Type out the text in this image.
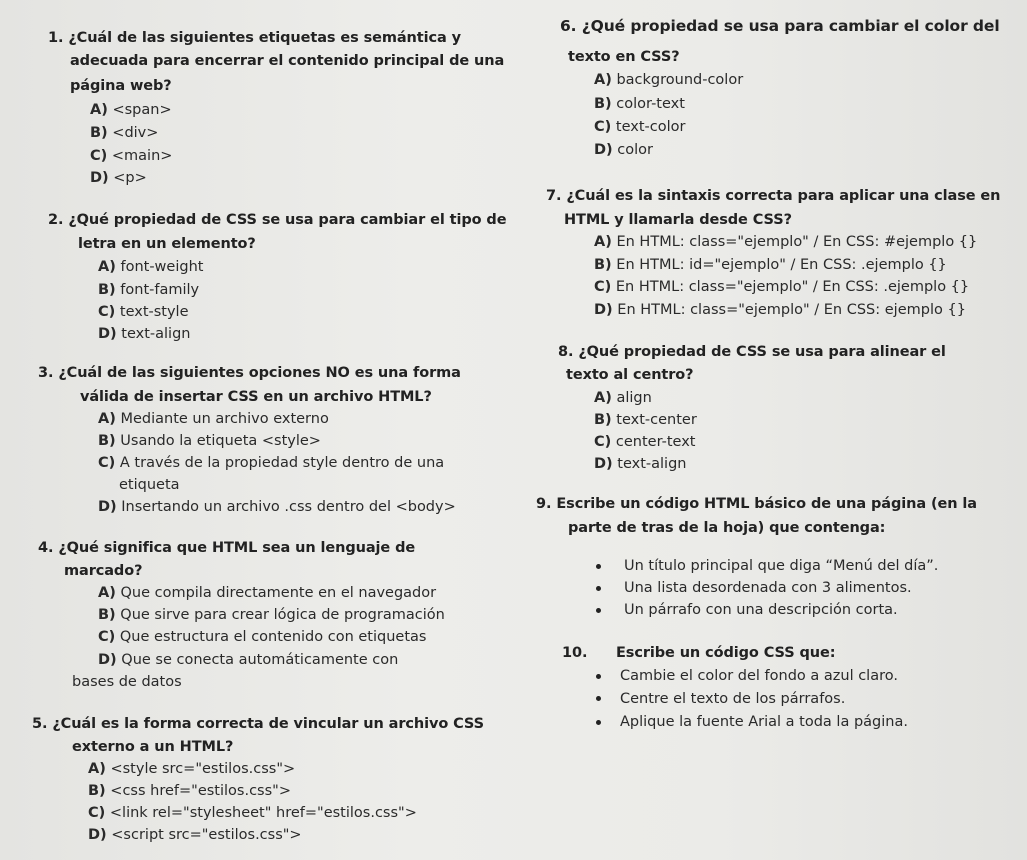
1. ¿Cuál de las siguientes etiquetas es semántica y
adecuada para encerrar el contenido principal de una
página web?
A) <span>
B) <div>
C) <main>
D) <p>
2. ¿Qué propiedad de CSS se usa para cambiar el tipo de
letra en un elemento?
A) font-weight
B) font-family
C) text-style
D) text-align
3. ¿Cuál de las siguientes opciones NO es una forma
válida de insertar CSS en un archivo HTML?
A) Mediante un archivo externo
B) Usando la etiqueta <style>
C) A través de la propiedad style dentro de una
etiqueta
D) Insertando un archivo .css dentro del <body>
4. ¿Qué significa que HTML sea un lenguaje de
marcado?
A) Que compila directamente en el navegador
B) Que sirve para crear lógica de programación
C) Que estructura el contenido con etiquetas
D) Que se conecta automáticamente con
bases de datos
5. ¿Cuál es la forma correcta de vincular un archivo CSS
externo a un HTML?
A) <style src="estilos.css">
B) <css href="estilos.css">
C) <link rel="stylesheet" href="estilos.css">
D) <script src="estilos.css">
6. ¿Qué propiedad se usa para cambiar el color del
texto en CSS?
A) background-color
B) color-text
C) text-color
D) color
7. ¿Cuál es la sintaxis correcta para aplicar una clase en
HTML y llamarla desde CSS?
A) En HTML: class="ejemplo" / En CSS: #ejemplo {}
B) En HTML: id="ejemplo" / En CSS: .ejemplo {}
C) En HTML: class="ejemplo" / En CSS: .ejemplo {}
D) En HTML: class="ejemplo" / En CSS: ejemplo {}
8. ¿Qué propiedad de CSS se usa para alinear el
texto al centro?
A) align
B) text-center
C) center-text
D) text-align
9. Escribe un código HTML básico de una página (en la
parte de tras de la hoja) que contenga:
Un título principal que diga “Menú del día”.
Una lista desordenada con 3 alimentos.
Un párrafo con una descripción corta.
10. Escribe un código CSS que:
Cambie el color del fondo a azul claro.
Centre el texto de los párrafos.
Aplique la fuente Arial a toda la página.
